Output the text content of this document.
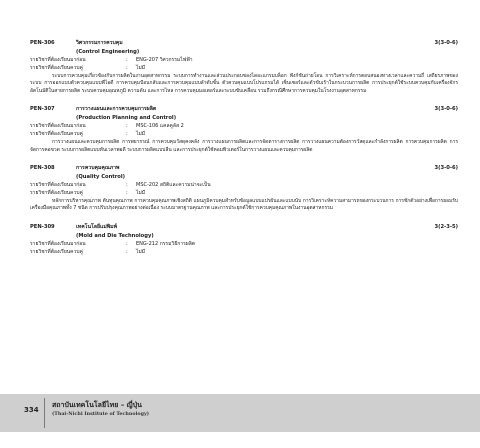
PEN-306	วิศวกรรมการควบคุม	3(3-0-6)
(Control Engineering)
รายวิชาที่ต้องเรียนมาก่อน	:	ENG-207 วิศวกรรมไฟฟ้า
รายวิชาที่ต้องเรียนควบคู่	:	ไม่มี
ระบบการควบคุมเกี่ยวข้องกับการผลิตในงานอุตสาหกรรม ระบบการทำงานและส่วนประกอบของไดอะแกรมบล็อก ฟังก์ชันถ่ายโอน การวิเคราะห์การตอบสนองทางเวลาและความถี่ เสถียรภาพของระบบ การออกแบบตัวควบคุมแบบพีไอดี การควบคุมป้อนกลับและการควบคุมแบบลำดับขั้น ตัวควบคุมแบบโปรแกรมได้ เซ็นเซอร์และตัวขับเร้าในกระบวนการผลิต การประยุกต์ใช้ระบบควบคุมกับเครื่องจักรอัตโนมัติในสายการผลิต ระบบควบคุมอุณหภูมิ ความดัน และการไหล การควบคุมมอเตอร์และระบบขับเคลื่อน รวมถึงกรณีศึกษาการควบคุมในโรงงานอุตสาหกรรม
PEN-307	การวางแผนและการควบคุมการผลิต	3(3-0-6)
(Production Planning and Control)
รายวิชาที่ต้องเรียนมาก่อน	:	MSC-106 แคลคูลัส 2
รายวิชาที่ต้องเรียนควบคู่	:	ไม่มี
การวางแผนและควบคุมการผลิต การพยากรณ์ การควบคุมวัสดุคงคลัง การวางแผนการผลิตและการจัดตารางการผลิต การวางแผนความต้องการวัสดุและกำลังการผลิต การควบคุมการผลิต การจัดการคอขวด ระบบการผลิตแบบทันเวลาพอดี ระบบการผลิตแบบลีน และการประยุกต์ใช้คอมพิวเตอร์ในการวางแผนและควบคุมการผลิต
PEN-308	การควบคุมคุณภาพ	3(3-0-6)
(Quality Control)
รายวิชาที่ต้องเรียนมาก่อน	:	MSC-202 สถิติและความน่าจะเป็น
รายวิชาที่ต้องเรียนควบคู่	:	ไม่มี
หลักการบริหารคุณภาพ ต้นทุนคุณภาพ การควบคุมคุณภาพเชิงสถิติ แผนภูมิควบคุมสำหรับข้อมูลแบบแปรผันและแบบนับ การวิเคราะห์ความสามารถของกระบวนการ การชักตัวอย่างเพื่อการยอมรับ เครื่องมือคุณภาพทั้ง 7 ชนิด การปรับปรุงคุณภาพอย่างต่อเนื่อง ระบบมาตรฐานคุณภาพ และการประยุกต์ใช้การควบคุมคุณภาพในงานอุตสาหกรรม
PEN-309	เทคโนโลยีแม่พิมพ์	3(2-3-5)
(Mold and Die Technology)
รายวิชาที่ต้องเรียนมาก่อน	:	ENG-212 กรรมวิธีการผลิต
รายวิชาที่ต้องเรียนควบคู่	:	ไม่มี
334
สถาบันเทคโนโลยีไทย – ญี่ปุ่น
(Thai-Nichi Institute of Technology)
